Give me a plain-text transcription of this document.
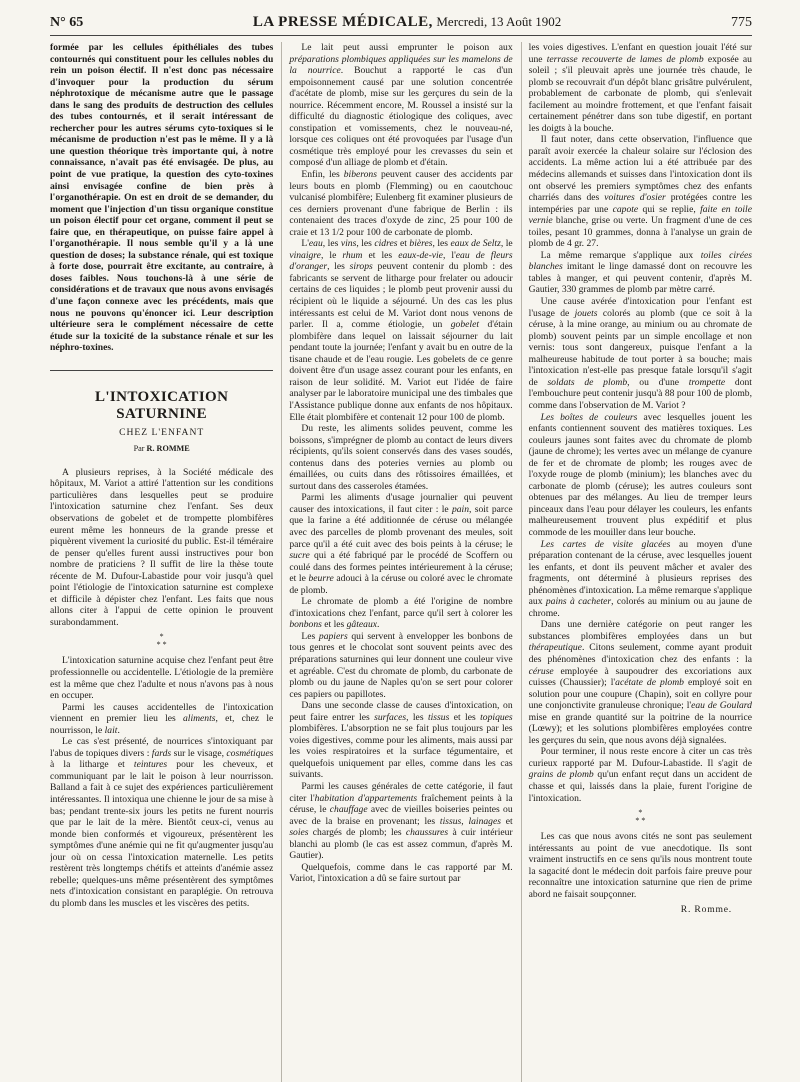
N° 65	LA PRESSE MÉDICALE, Mercredi, 13 Août 1902	775

formée par les cellules épithéliales des tubes contournés qui constituent pour les cellules nobles du rein un poison électif. Il n'est donc pas nécessaire d'invoquer pour la production du sérum néphrotoxique de mécanisme autre que le passage dans le sang des produits de destruction des cellules des tubes contournés, et il serait intéressant de rechercher pour les autres sérums cyto-toxiques si le mécanisme de production n'est pas le même. Il y a là une question théorique très importante qui, à notre connaissance, n'avait pas été envisagée. De plus, au point de vue pratique, la question des cyto-toxines ainsi envisagée confine de bien près à l'organothérapie. On est en droit de se demander, du moment que l'injection d'un tissu organique constitue un poison électif pour cet organe, comment il peut se faire que, en thérapeutique, on puisse faire appel à l'organothérapie. Il nous semble qu'il y a là une question de doses; la substance rénale, qui est toxique à forte dose, pourrait être excitante, au contraire, à doses faibles. Nous touchons-là à une série de considérations et de travaux que nous avons envisagés d'une façon connexe avec les précédents, mais que nous ne pouvons qu'énoncer ici. Leur description ultérieure sera le complément nécessaire de cette étude sur la toxicité de la substance rénale et sur les néphro-toxines.

L'INTOXICATION SATURNINE
CHEZ L'ENFANT
Par R. ROMME

A plusieurs reprises, à la Société médicale des hôpitaux, M. Variot a attiré l'attention sur les conditions particulières dans lesquelles peut se produire l'intoxication saturnine chez l'enfant. Ses deux observations de gobelet et de trompette plombifères eurent même les honneurs de la grande presse et piquèrent vivement la curiosité du public. Est-il téméraire de penser qu'elles furent aussi instructives pour bon nombre de praticiens ? Il suffit de lire la thèse toute récente de M. Dufour-Labastide pour voir jusqu'à quel point l'étiologie de l'intoxication saturnine est complexe et difficile à dépister chez l'enfant. Les faits que nous allons citer à l'appui de cette opinion le prouvent surabondamment.

*
* *

L'intoxication saturnine acquise chez l'enfant peut être professionnelle ou accidentelle. L'étiologie de la première est la même que chez l'adulte et nous n'avons pas à nous en occuper.

Parmi les causes accidentelles de l'intoxication viennent en premier lieu les aliments, et, chez le nourrisson, le lait.

Le cas s'est présenté, de nourrices s'intoxiquant par l'abus de topiques divers : fards sur le visage, cosmétiques à la litharge et teintures pour les cheveux, et communiquant par le lait le poison à leur nourrisson. Balland a fait à ce sujet des expériences particulièrement intéressantes. Il intoxiqua une chienne le jour de sa mise à bas; pendant trente-six jours les petits ne furent nourris que par le lait de la mère. Bientôt ceux-ci, venus au monde bien conformés et vigoureux, présentèrent les symptômes d'une anémie qui ne fit qu'augmenter jusqu'au jour où on cessa l'intoxication maternelle. Les petits restèrent très longtemps chétifs et atteints d'anémie assez rebelle; quelques-uns même présentèrent des symptômes nets d'intoxication consistant en paraplégie. On retrouva du plomb dans les muscles et les viscères des petits.

Le lait peut aussi emprunter le poison aux préparations plombiques appliquées sur les mamelons de la nourrice. Bouchut a rapporté le cas d'un empoisonnement causé par une solution concentrée d'acétate de plomb, mise sur les gerçures du sein de la nourrice. Récemment encore, M. Roussel a insisté sur la difficulté du diagnostic étiologique des coliques, avec constipation et vomissements, chez le nouveau-né, lorsque ces coliques ont été provoquées par l'usage d'un cosmétique très employé pour les crevasses du sein et composé d'un alliage de plomb et d'étain.

Enfin, les biberons peuvent causer des accidents par leurs bouts en plomb (Flemming) ou en caoutchouc vulcanisé plombifère; Eulenberg fit examiner plusieurs de ces derniers provenant d'une fabrique de Berlin : ils contenaient des traces d'oxyde de zinc, 25 pour 100 de craie et 13 1/2 pour 100 de carbonate de plomb.

L'eau, les vins, les cidres et bières, les eaux de Seltz, le vinaigre, le rhum et les eaux-de-vie, l'eau de fleurs d'oranger, les sirops peuvent contenir du plomb : des fabricants se servent de litharge pour frelater ou adoucir certains de ces liquides ; le plomb peut provenir aussi du récipient où le liquide a séjourné. Un des cas les plus intéressants est celui de M. Variot dont nous venons de parler. Il a, comme étiologie, un gobelet d'étain plombifère dans lequel on laissait séjourner du lait pendant toute la journée; l'enfant y avait bu en outre de la tisane chaude et de l'eau rougie. Les gobelets de ce genre doivent être d'un usage assez courant pour les enfants, en raison de leur solidité. M. Variot eut l'idée de faire analyser par le laboratoire municipal une des timbales que l'Assistance publique donne aux enfants de nos hôpitaux. Elle était plombifère et contenait 12 pour 100 de plomb.

Du reste, les aliments solides peuvent, comme les boissons, s'imprégner de plomb au contact de leurs divers récipients, qu'ils soient conservés dans des vases soudés, contenus dans des poteries vernies au plomb ou émaillées, ou cuits dans des rôtissoires émaillées, et surtout dans des casseroles étamées.

Parmi les aliments d'usage journalier qui peuvent causer des intoxications, il faut citer : le pain, soit parce que la farine a été additionnée de céruse ou mélangée avec des parcelles de plomb provenant des meules, soit parce qu'il a été cuit avec des bois peints à la céruse; le sucre qui a été fabriqué par le procédé de Scoffern ou coulé dans des formes peintes intérieurement à la céruse; et le beurre adouci à la céruse ou coloré avec le chromate de plomb.

Le chromate de plomb a été l'origine de nombre d'intoxications chez l'enfant, parce qu'il sert à colorer les bonbons et les gâteaux.

Les papiers qui servent à envelopper les bonbons de tous genres et le chocolat sont souvent peints avec des préparations saturnines qui leur donnent une couleur vive et agréable. C'est du chromate de plomb, du carbonate de plomb ou du jaune de Naples qu'on se sert pour colorer ces papiers ou papillotes.

Dans une seconde classe de causes d'intoxication, on peut faire entrer les surfaces, les tissus et les topiques plombifères. L'absorption ne se fait plus toujours par les voies digestives, comme pour les aliments, mais aussi par les voies respiratoires et la surface tégumentaire, et quelquefois uniquement par elles, comme dans les cas suivants.

Parmi les causes générales de cette catégorie, il faut citer l'habitation d'appartements fraîchement peints à la céruse, le chauffage avec de vieilles boiseries peintes ou avec de la braise en provenant; les tissus, lainages et soies chargés de plomb; les chaussures à cuir intérieur blanchi au plomb (le cas est assez commun, d'après M. Gautier).

Quelquefois, comme dans le cas rapporté par M. Variot, l'intoxication a dû se faire surtout par

les voies digestives. L'enfant en question jouait l'été sur une terrasse recouverte de lames de plomb exposée au soleil ; s'il pleuvait après une journée très chaude, le plomb se recouvrait d'un dépôt blanc grisâtre pulvérulent, probablement de carbonate de plomb, qui s'enlevait facilement au moindre frottement, et que l'enfant faisait certainement pénétrer dans son tube digestif, en portant les doigts à la bouche.

Il faut noter, dans cette observation, l'influence que paraît avoir exercée la chaleur solaire sur l'éclosion des accidents. La même action lui a été attribuée par des médecins allemands et suisses dans l'intoxication dont ils ont observé les premiers symptômes chez des enfants charriés dans des voitures d'osier protégées contre les intempéries par une capote qui se replie, faite en toile vernie blanche, grise ou verte. Un fragment d'une de ces toiles, pesant 10 grammes, donna à l'analyse un grain de plomb de 4 gr. 27.

La même remarque s'applique aux toiles cirées blanches imitant le linge damassé dont on recouvre les tables à manger, et qui peuvent contenir, d'après M. Gautier, 330 grammes de plomb par mètre carré.

Une cause avérée d'intoxication pour l'enfant est l'usage de jouets colorés au plomb (que ce soit à la céruse, à la mine orange, au minium ou au chromate de plomb) souvent peints par un simple encollage et non vernis: tous sont dangereux, puisque l'enfant a la malheureuse habitude de tout porter à sa bouche; mais l'intoxication n'est-elle pas presque fatale lorsqu'il s'agit de soldats de plomb, ou d'une trompette dont l'embouchure peut contenir jusqu'à 88 pour 100 de plomb, comme dans l'observation de M. Variot ?

Les boîtes de couleurs avec lesquelles jouent les enfants contiennent souvent des matières toxiques. Les couleurs jaunes sont faites avec du chromate de plomb (jaune de chrome); les vertes avec un mélange de cyanure de fer et de chromate de plomb; les rouges avec de l'oxyde rouge de plomb (minium); les blanches avec du carbonate de plomb (céruse); les autres couleurs sont obtenues par des mélanges. Au lieu de tremper leurs pinceaux dans l'eau pour délayer les couleurs, les enfants malheureusement trouvent plus expéditif et plus commode de les mouiller dans leur bouche.

Les cartes de visite glacées au moyen d'une préparation contenant de la céruse, avec lesquelles jouent les enfants, et dont ils peuvent mâcher et avaler des fragments, ont déterminé à plusieurs reprises des phénomènes d'intoxication. La même remarque s'applique aux pains à cacheter, colorés au minium ou au jaune de chrome.

Dans une dernière catégorie on peut ranger les substances plombifères employées dans un but thérapeutique. Citons seulement, comme ayant produit des phénomènes d'intoxication chez des enfants : la céruse employée à saupoudrer des excoriations aux cuisses (Chaussier); l'acétate de plomb employé soit en solution pour une coupure (Chapin), soit en collyre pour une conjonctivite granuleuse chronique; l'eau de Goulard mise en grande quantité sur la poitrine de la nourrice (Lœwy); et les solutions plombifères employées contre les gerçures du sein, que nous avons déjà signalées.

Pour terminer, il nous reste encore à citer un cas très curieux rapporté par M. Dufour-Labastide. Il s'agit de grains de plomb qu'un enfant reçut dans un accident de chasse et qui, laissés dans la plaie, furent l'origine de l'intoxication.

*
* *

Les cas que nous avons cités ne sont pas seulement intéressants au point de vue anecdotique. Ils sont vraiment instructifs en ce sens qu'ils nous montrent toute la sagacité dont le médecin doit parfois faire preuve pour reconnaître une intoxication saturnine que rien de prime abord ne faisait soupçonner.

R. Romme.
